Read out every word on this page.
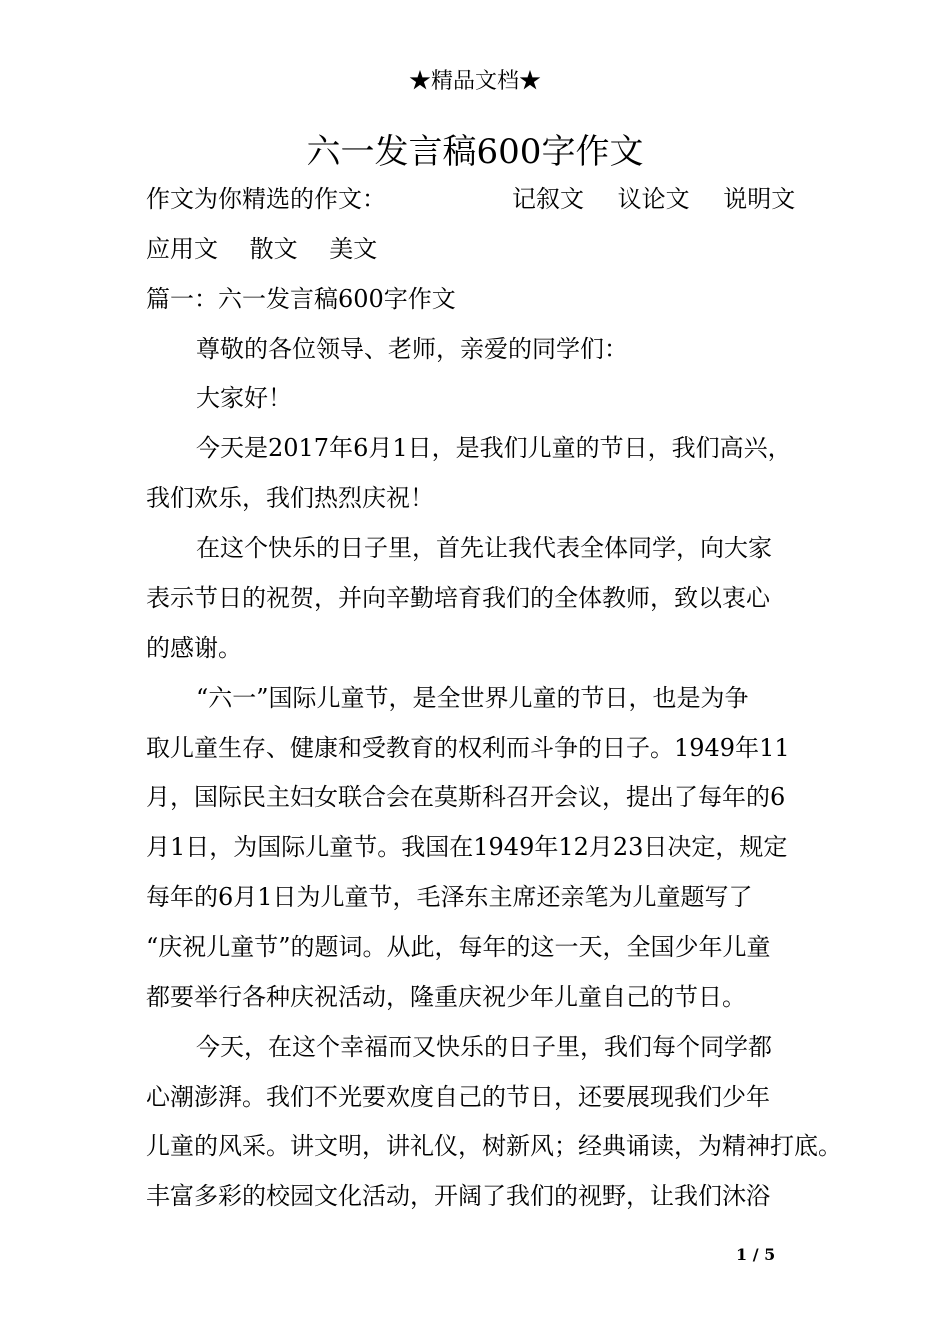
★精品文档★
六一发言稿600字作文
作文为你精选的作文：	记叙文 议论文 说明文
应用文 散文 美文
篇一：六一发言稿600字作文
尊敬的各位领导、老师，亲爱的同学们：
大家好！
今天是2017年6月1日，是我们儿童的节日，我们高兴，
我们欢乐，我们热烈庆祝！
在这个快乐的日子里，首先让我代表全体同学，向大家
表示节日的祝贺，并向辛勤培育我们的全体教师，致以衷心
的感谢。
“六一”国际儿童节，是全世界儿童的节日，也是为争
取儿童生存、健康和受教育的权利而斗争的日子。1949年11
月，国际民主妇女联合会在莫斯科召开会议，提出了每年的6
月1日，为国际儿童节。我国在1949年12月23日决定，规定
每年的6月1日为儿童节，毛泽东主席还亲笔为儿童题写了
“庆祝儿童节”的题词。从此，每年的这一天，全国少年儿童
都要举行各种庆祝活动，隆重庆祝少年儿童自己的节日。
今天，在这个幸福而又快乐的日子里，我们每个同学都
心潮澎湃。我们不光要欢度自己的节日，还要展现我们少年
儿童的风采。讲文明，讲礼仪，树新风；经典诵读，为精神打底。
丰富多彩的校园文化活动，开阔了我们的视野，让我们沐浴
1 / 5
